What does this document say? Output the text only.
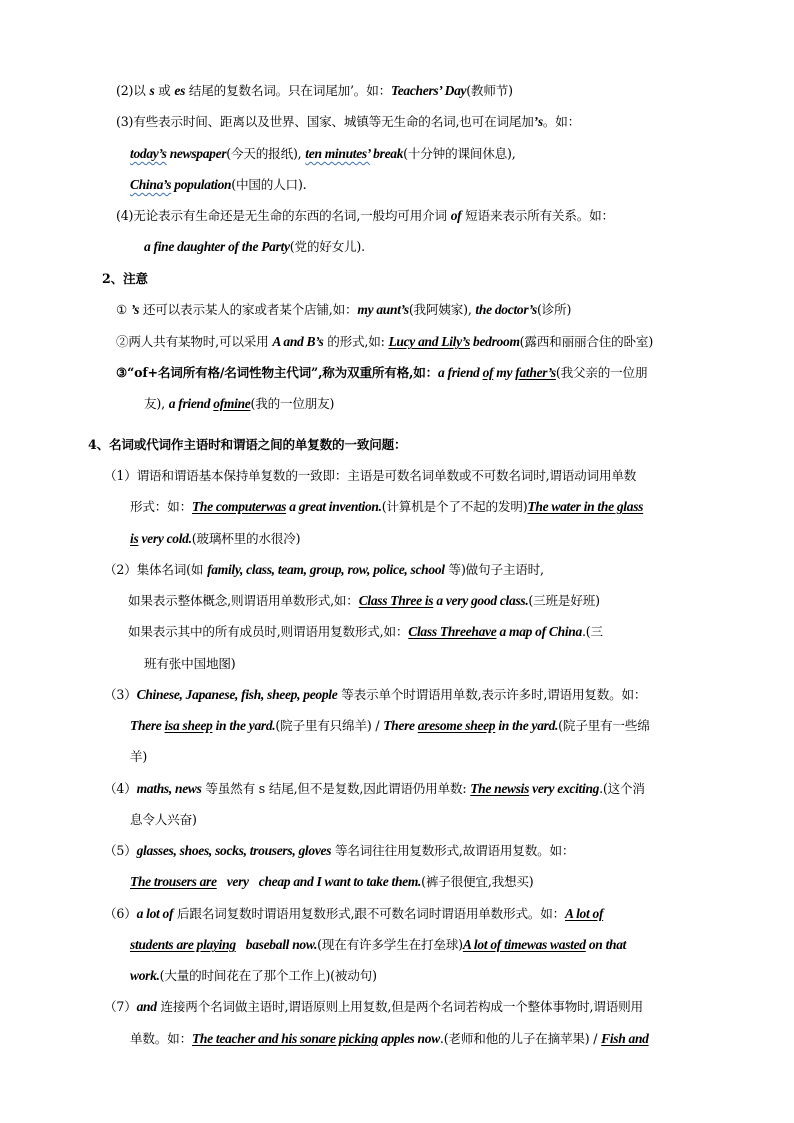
(2)以 s 或 es 结尾的复数名词。只在词尾加’。如：Teachers’ Day(教师节)
(3)有些表示时间、距离以及世界、国家、城镇等无生命的名词,也可在词尾加’s。如：
today’s newspaper(今天的报纸), ten minutes’ break(十分钟的课间休息),
China’s population(中国的人口).
(4)无论表示有生命还是无生命的东西的名词,一般均可用介词 of 短语来表示所有关系。如：
a fine daughter of the Party(党的好女儿).
2、注意
① ’s 还可以表示某人的家或者某个店铺,如：my aunt’s(我阿姨家), the doctor’s(诊所)
②两人共有某物时,可以采用 A and B’s 的形式,如: Lucy and Lily’s bedroom(露西和丽丽合住的卧室)
③“of+名词所有格/名词性物主代词”,称为双重所有格,如：a friend of my father’s(我父亲的一位朋
友), a friend ofmine(我的一位朋友)
4、名词或代词作主语时和谓语之间的单复数的一致问题：
（1）谓语和谓语基本保持单复数的一致即：主语是可数名词单数或不可数名词时,谓语动词用单数
形式：如：The computerwas a great invention.(计算机是个了不起的发明)The water in the glass
is very cold.(玻璃杯里的水很冷)
（2）集体名词(如 family, class, team, group, row, police, school 等)做句子主语时,
如果表示整体概念,则谓语用单数形式,如：Class Three is a very good class.(三班是好班)
如果表示其中的所有成员时,则谓语用复数形式,如：Class Threehave a map of China.(三
班有张中国地图)
（3）Chinese, Japanese, fish, sheep, people 等表示单个时谓语用单数,表示许多时,谓语用复数。如：
There isa sheep in the yard.(院子里有只绵羊) / There aresome sheep in the yard.(院子里有一些绵
羊)
（4）maths, news 等虽然有 s 结尾,但不是复数,因此谓语仍用单数: The newsis very exciting.(这个消
息令人兴奋)
（5）glasses, shoes, socks, trousers, gloves 等名词往往用复数形式,故谓语用复数。如：
The trousers are very cheap and I want to take them.(裤子很便宜,我想买)
（6）a lot of 后跟名词复数时谓语用复数形式,跟不可数名词时谓语用单数形式。如：A lot of
students are playing baseball now.(现在有许多学生在打垒球)A lot of timewas wasted on that
work.(大量的时间花在了那个工作上)(被动句)
（7）and 连接两个名词做主语时,谓语原则上用复数,但是两个名词若构成一个整体事物时,谓语则用
单数。如：The teacher and his sonare picking apples now.(老师和他的儿子在摘苹果) / Fish and
